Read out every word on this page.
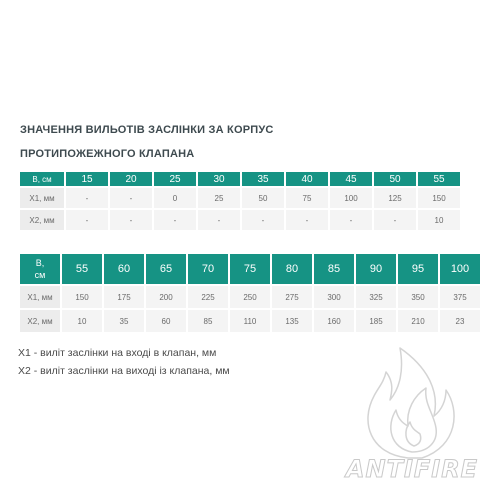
ЗНАЧЕННЯ ВИЛЬОТІВ ЗАСЛІНКИ ЗА КОРПУС
ПРОТИПОЖЕЖНОГО КЛАПАНА
B, см	15	20	25	30	35	40	45	50	55
X1, мм	-	-	0	25	50	75	100	125	150
X2, мм	-	-	-	-	-	-	-	-	10
B,
см	55	60	65	70	75	80	85	90	95	100
X1, мм	150	175	200	225	250	275	300	325	350	375
X2, мм	10	35	60	85	110	135	160	185	210	23
X1 - виліт заслінки на вході в клапан, мм
X2 - виліт заслінки на виході із клапана, мм
ANTIFIRE
